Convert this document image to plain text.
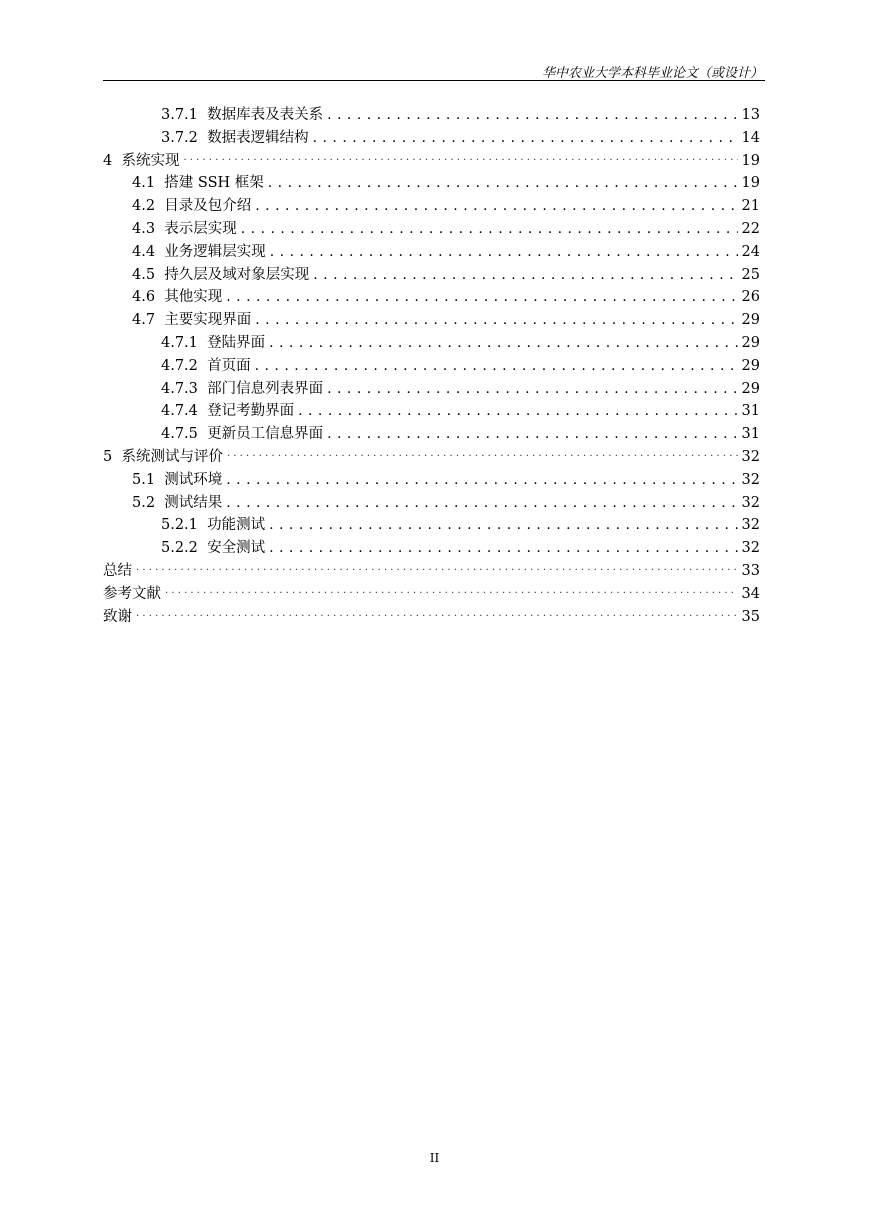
华中农业大学本科毕业论文（或设计）
3.7.1 数据库表及表关系 . . .	13
3.7.2 数据表逻辑结构 . . .	14
4 系统实现 · · ·	19
4.1 搭建 SSH 框架 . . .	19
4.2 目录及包介绍 . . .	21
4.3 表示层实现 . . .	22
4.4 业务逻辑层实现 . . .	24
4.5 持久层及域对象层实现 . . .	25
4.6 其他实现 . . .	26
4.7 主要实现界面 . . .	29
4.7.1 登陆界面 . . .	29
4.7.2 首页面 . . .	29
4.7.3 部门信息列表界面 . . .	29
4.7.4 登记考勤界面 . . .	31
4.7.5 更新员工信息界面 . . .	31
5 系统测试与评价 · · ·	32
5.1 测试环境 . . .	32
5.2 测试结果 . . .	32
5.2.1 功能测试 . . .	32
5.2.2 安全测试 . . .	32
总结 · · ·	33
参考文献 · · ·	34
致谢 · · ·	35
II
